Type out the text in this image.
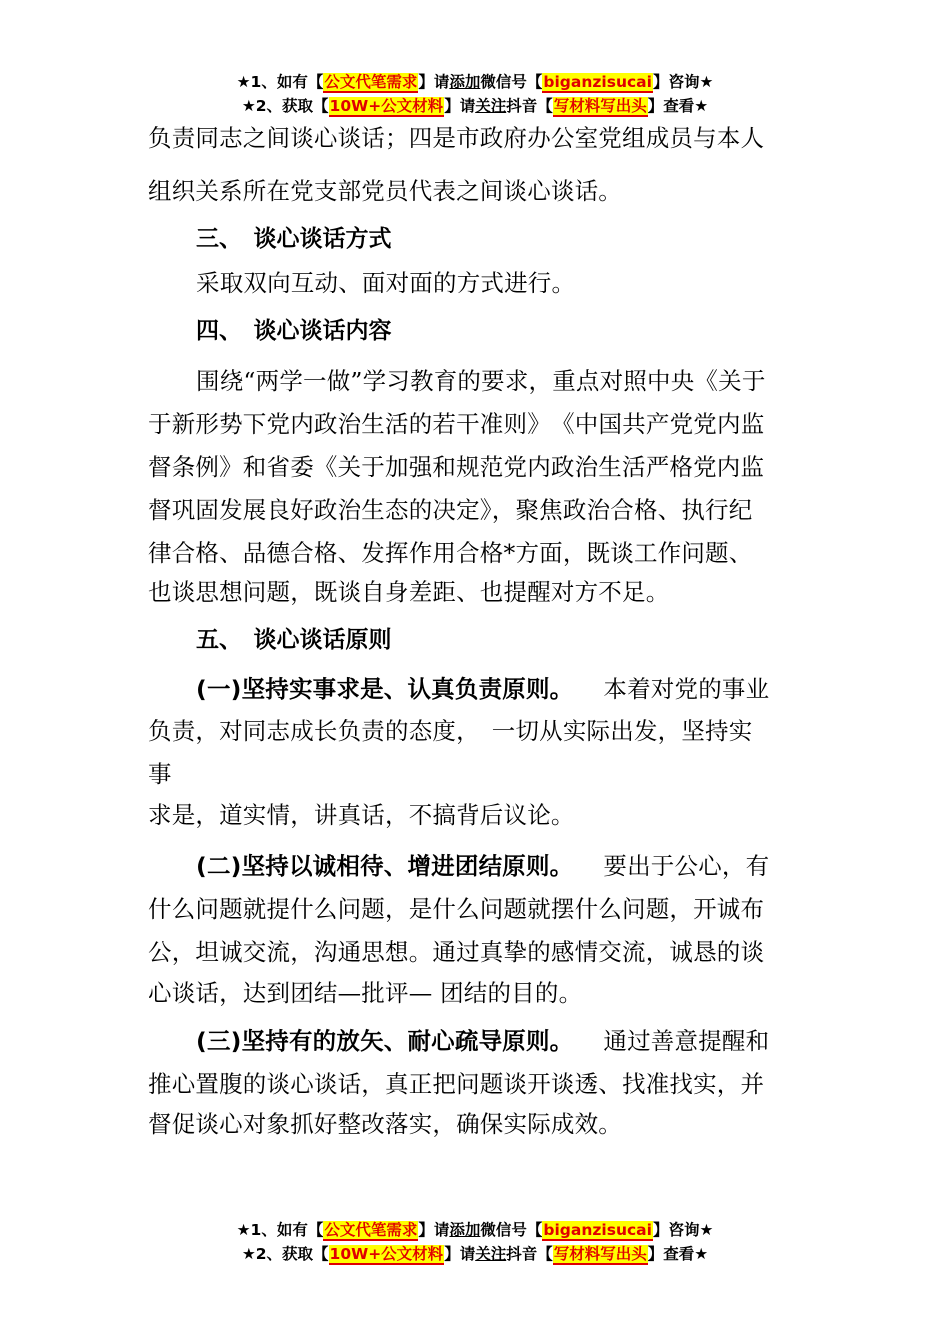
★1、如有【公文代笔需求】请添加微信号【biganzisucai】咨询★
★2、获取【10W+公文材料】请关注抖音【写材料写出头】查看★
负责同志之间谈心谈话；四是市政府办公室党组成员与本人
组织关系所在党支部党员代表之间谈心谈话。
三、　谈心谈话方式
采取双向互动、面对面的方式进行。
四、　谈心谈话内容
围绕“两学一做”学习教育的要求，重点对照中央《关于
于新形势下党内政治生活的若干准则》　《中国共产党党内监
督条例》和省委《关于加强和规范党内政治生活严格党内监
督巩固发展良好政治生态的决定》，聚焦政治合格、执行纪
律合格、品德合格、发挥作用合格*方面，既谈工作问题、
也谈思想问题，既谈自身差距、也提醒对方不足。
五、　谈心谈话原则
(一)坚持实事求是、认真负责原则。 本着对党的事业
负责，对同志成长负责的态度，　一切从实际出发，坚持实
事
求是，道实情，讲真话，不搞背后议论。
(二)坚持以诚相待、增进团结原则。 要出于公心，有
什么问题就提什么问题，是什么问题就摆什么问题，开诚布
公，坦诚交流，沟通思想。通过真挚的感情交流，诚恳的谈
心谈话，达到团结—批评— 团结的目的。
(三)坚持有的放矢、耐心疏导原则。 通过善意提醒和
推心置腹的谈心谈话，真正把问题谈开谈透、找准找实，并
督促谈心对象抓好整改落实，确保实际成效。
★1、如有【公文代笔需求】请添加微信号【biganzisucai】咨询★
★2、获取【10W+公文材料】请关注抖音【写材料写出头】查看★
